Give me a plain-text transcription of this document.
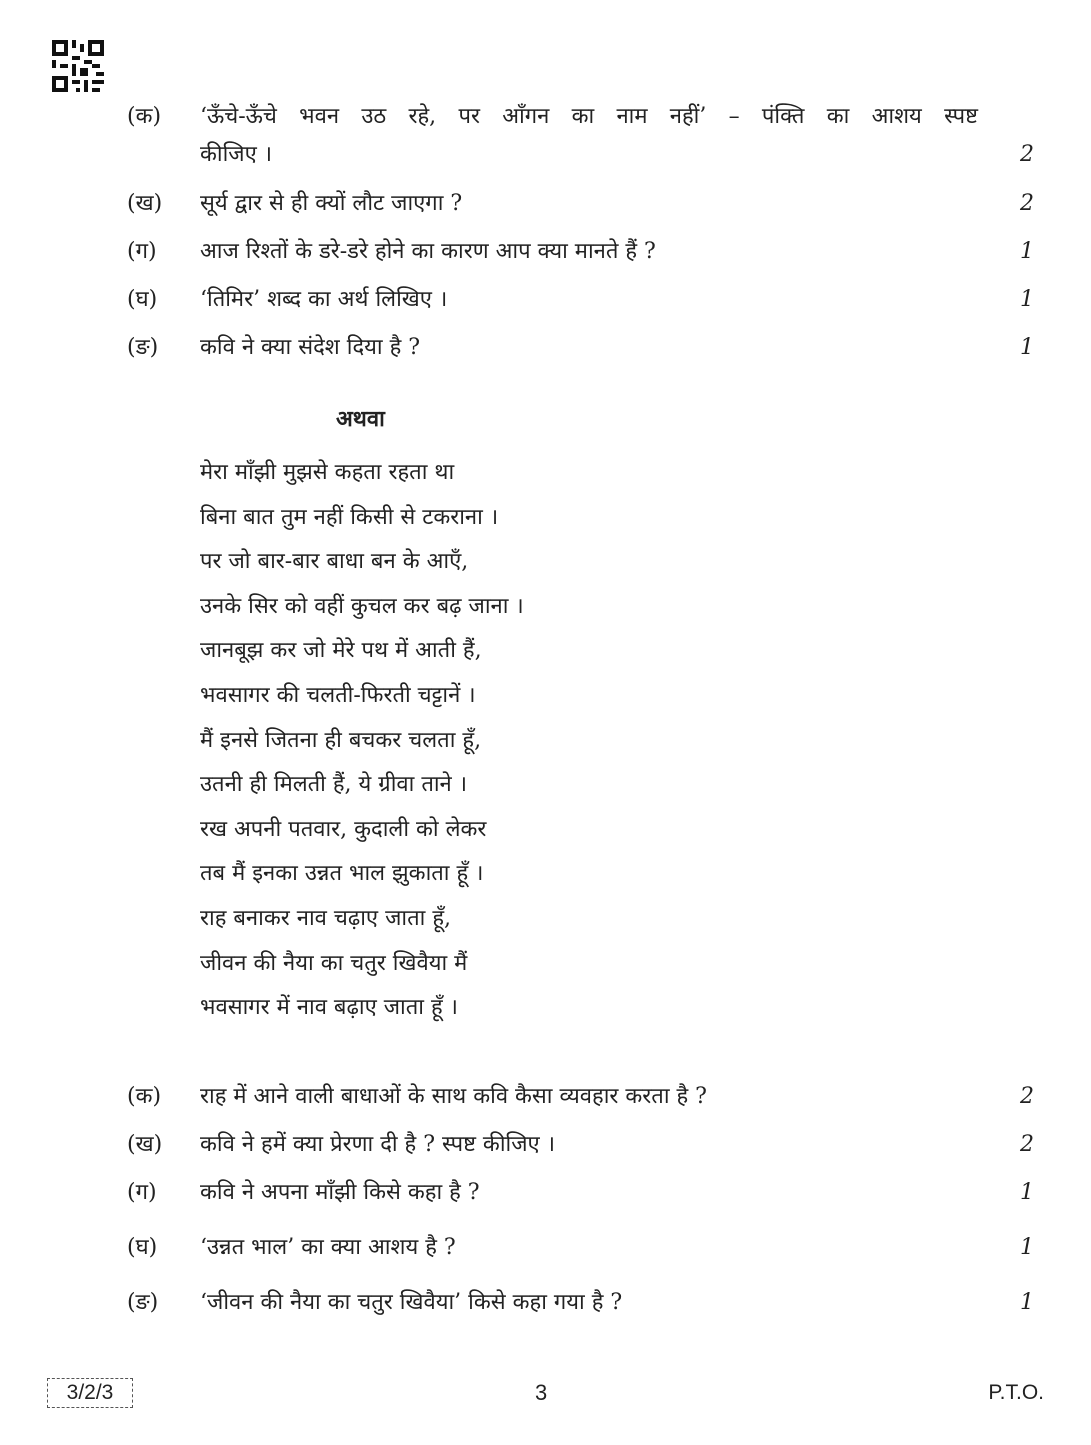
(क) ‘ऊँचे-ऊँचे भवन उठ रहे, पर आँगन का नाम नहीं’ – पंक्ति का आशय स्पष्ट
कीजिए ।	2
(ख) सूर्य द्वार से ही क्यों लौट जाएगा ?	2
(ग) आज रिश्तों के डरे-डरे होने का कारण आप क्या मानते हैं ?	1
(घ) ‘तिमिर’ शब्द का अर्थ लिखिए ।	1
(ङ) कवि ने क्या संदेश दिया है ?	1
अथवा
मेरा माँझी मुझसे कहता रहता था
बिना बात तुम नहीं किसी से टकराना ।
पर जो बार-बार बाधा बन के आएँ,
उनके सिर को वहीं कुचल कर बढ़ जाना ।
जानबूझ कर जो मेरे पथ में आती हैं,
भवसागर की चलती-फिरती चट्टानें ।
मैं इनसे जितना ही बचकर चलता हूँ,
उतनी ही मिलती हैं, ये ग्रीवा ताने ।
रख अपनी पतवार, कुदाली को लेकर
तब मैं इनका उन्नत भाल झुकाता हूँ ।
राह बनाकर नाव चढ़ाए जाता हूँ,
जीवन की नैया का चतुर खिवैया मैं
भवसागर में नाव बढ़ाए जाता हूँ ।
(क) राह में आने वाली बाधाओं के साथ कवि कैसा व्यवहार करता है ?	2
(ख) कवि ने हमें क्या प्रेरणा दी है ? स्पष्ट कीजिए ।	2
(ग) कवि ने अपना माँझी किसे कहा है ?	1
(घ) ‘उन्नत भाल’ का क्या आशय है ?	1
(ङ) ‘जीवन की नैया का चतुर खिवैया’ किसे कहा गया है ?	1
3/2/3	3	P.T.O.
